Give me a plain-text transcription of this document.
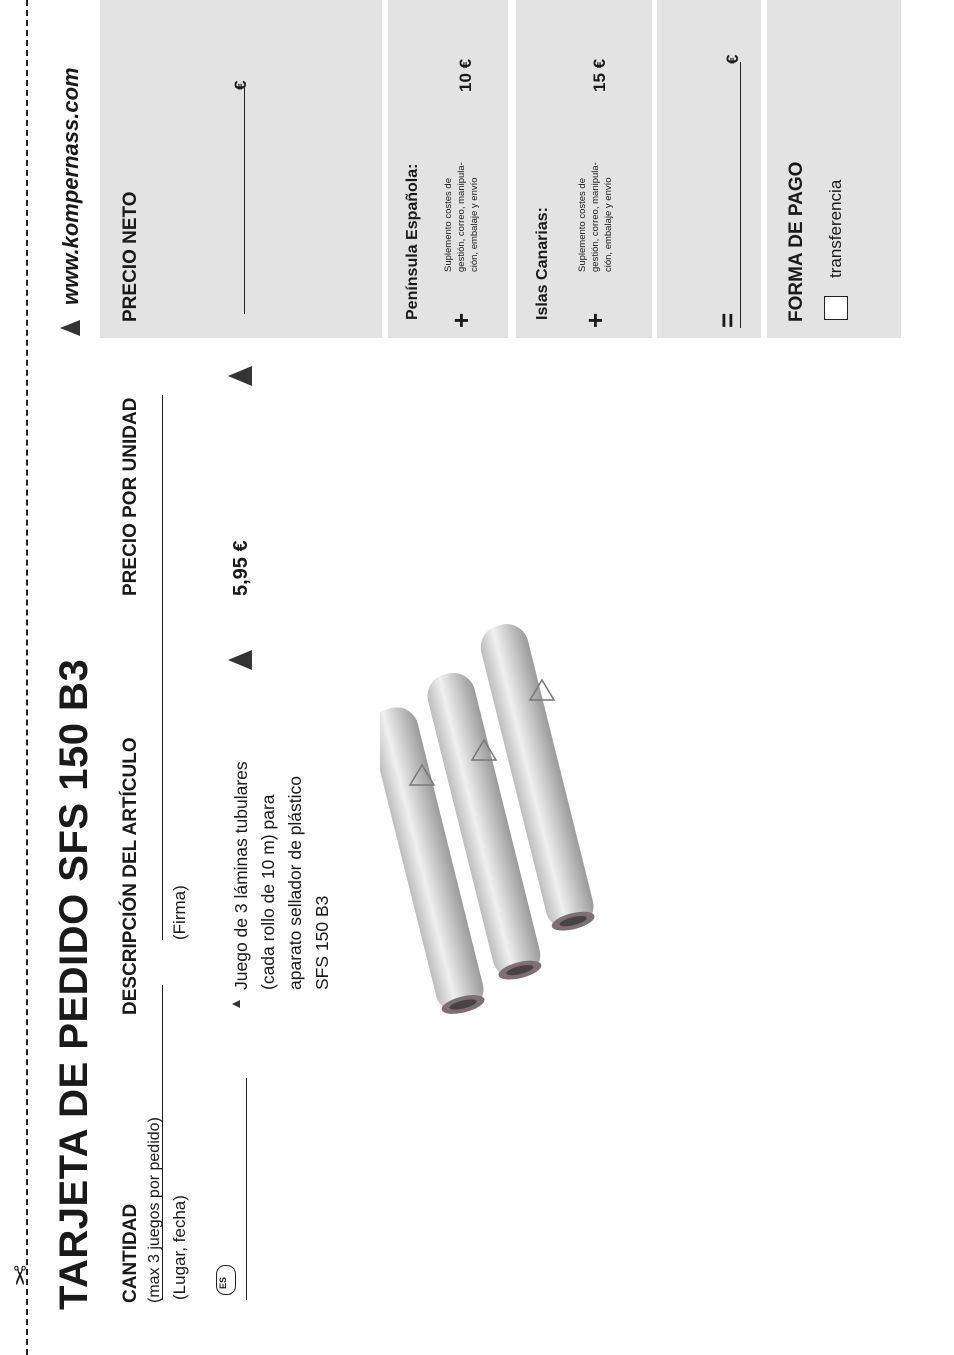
✂ TARJETA DE PEDIDO SFS 150 B3
www.kompernass.com
CANTIDAD (max 3 juegos por pedido)
DESCRIPCIÓN DEL ARTÍCULO
PRECIO POR UNIDAD
PRECIO NETO
Juego de 3 láminas tubulares
(cada rollo de 10 m) para
aparato sellador de plástico
SFS 150 B3
5,95 €
€
(Lugar, fecha)
(Firma)
+
Península Española: Suplemento costes de
gestión, correo, manipula-
ción, embalaje y envío
10 €
+
Islas Canarias:	Suplemento costes de
gestión, correo, manipula-
ción, embalaje y envío
15 €
=
€
FORMA DE PAGO transferencia
ES
